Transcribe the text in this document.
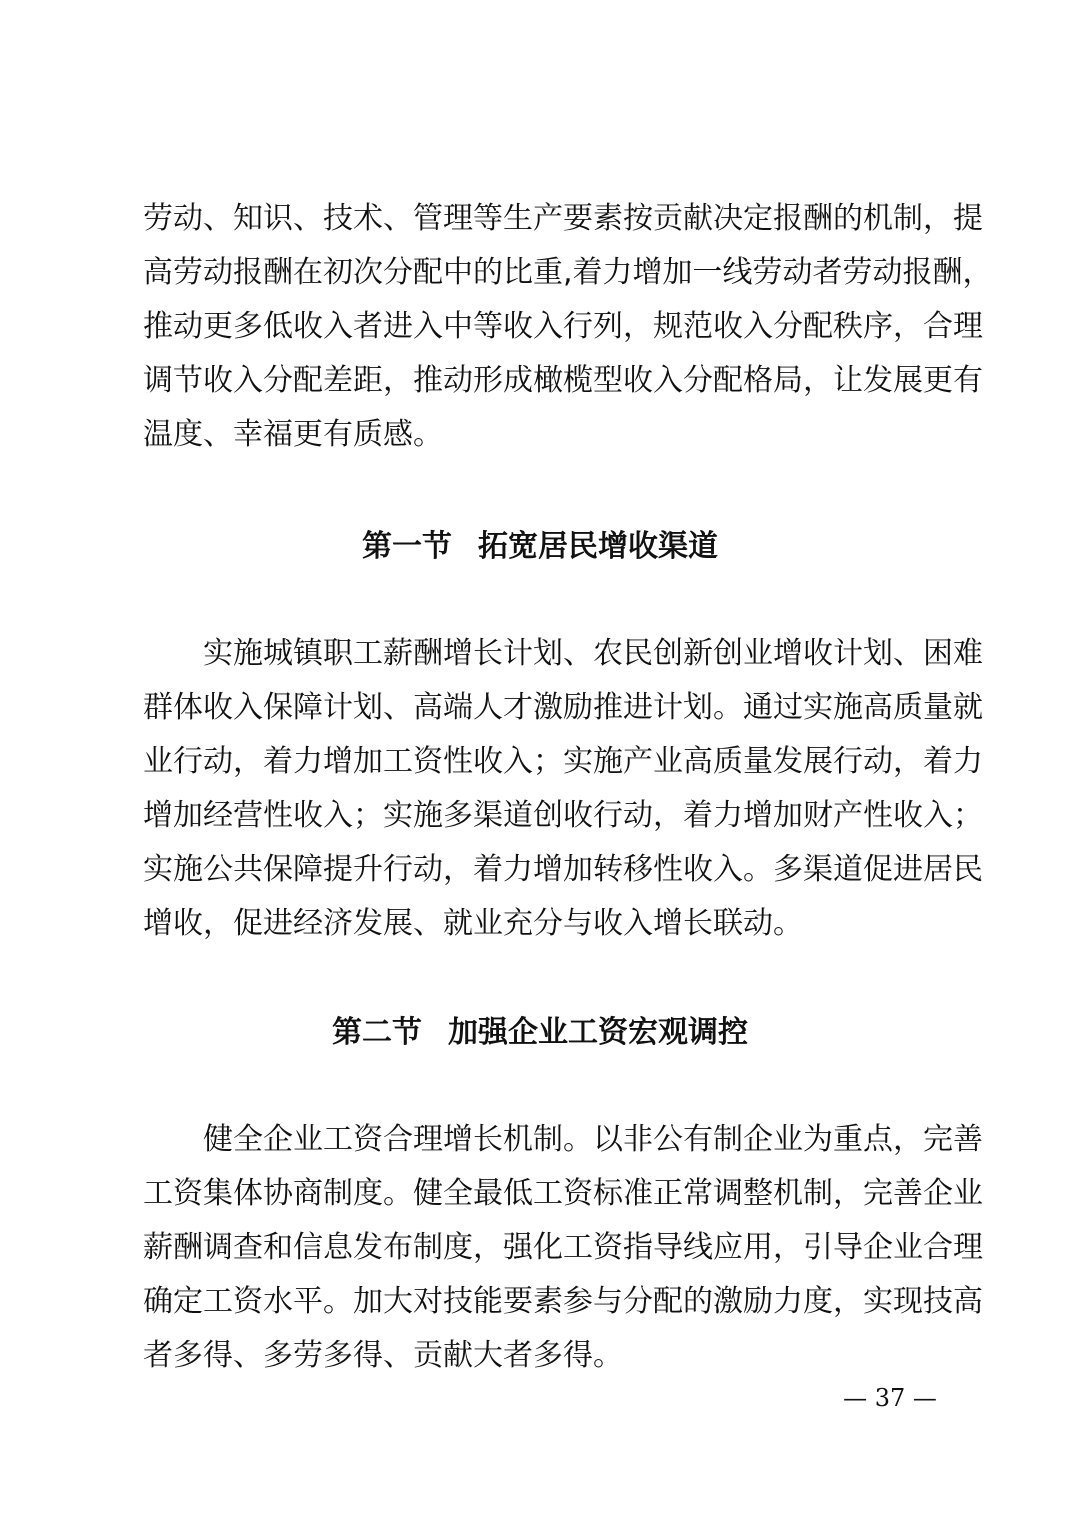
劳动、知识、技术、管理等生产要素按贡献决定报酬的机制，提
高劳动报酬在初次分配中的比重,着力增加一线劳动者劳动报酬，
推动更多低收入者进入中等收入行列，规范收入分配秩序，合理
调节收入分配差距，推动形成橄榄型收入分配格局，让发展更有
温度、幸福更有质感。
第一节 拓宽居民增收渠道
实施城镇职工薪酬增长计划、农民创新创业增收计划、困难
群体收入保障计划、高端人才激励推进计划。通过实施高质量就
业行动，着力增加工资性收入；实施产业高质量发展行动，着力
增加经营性收入；实施多渠道创收行动，着力增加财产性收入；
实施公共保障提升行动，着力增加转移性收入。多渠道促进居民
增收，促进经济发展、就业充分与收入增长联动。
第二节 加强企业工资宏观调控
健全企业工资合理增长机制。以非公有制企业为重点，完善
工资集体协商制度。健全最低工资标准正常调整机制，完善企业
薪酬调查和信息发布制度，强化工资指导线应用，引导企业合理
确定工资水平。加大对技能要素参与分配的激励力度，实现技高
者多得、多劳多得、贡献大者多得。
— 37 —
